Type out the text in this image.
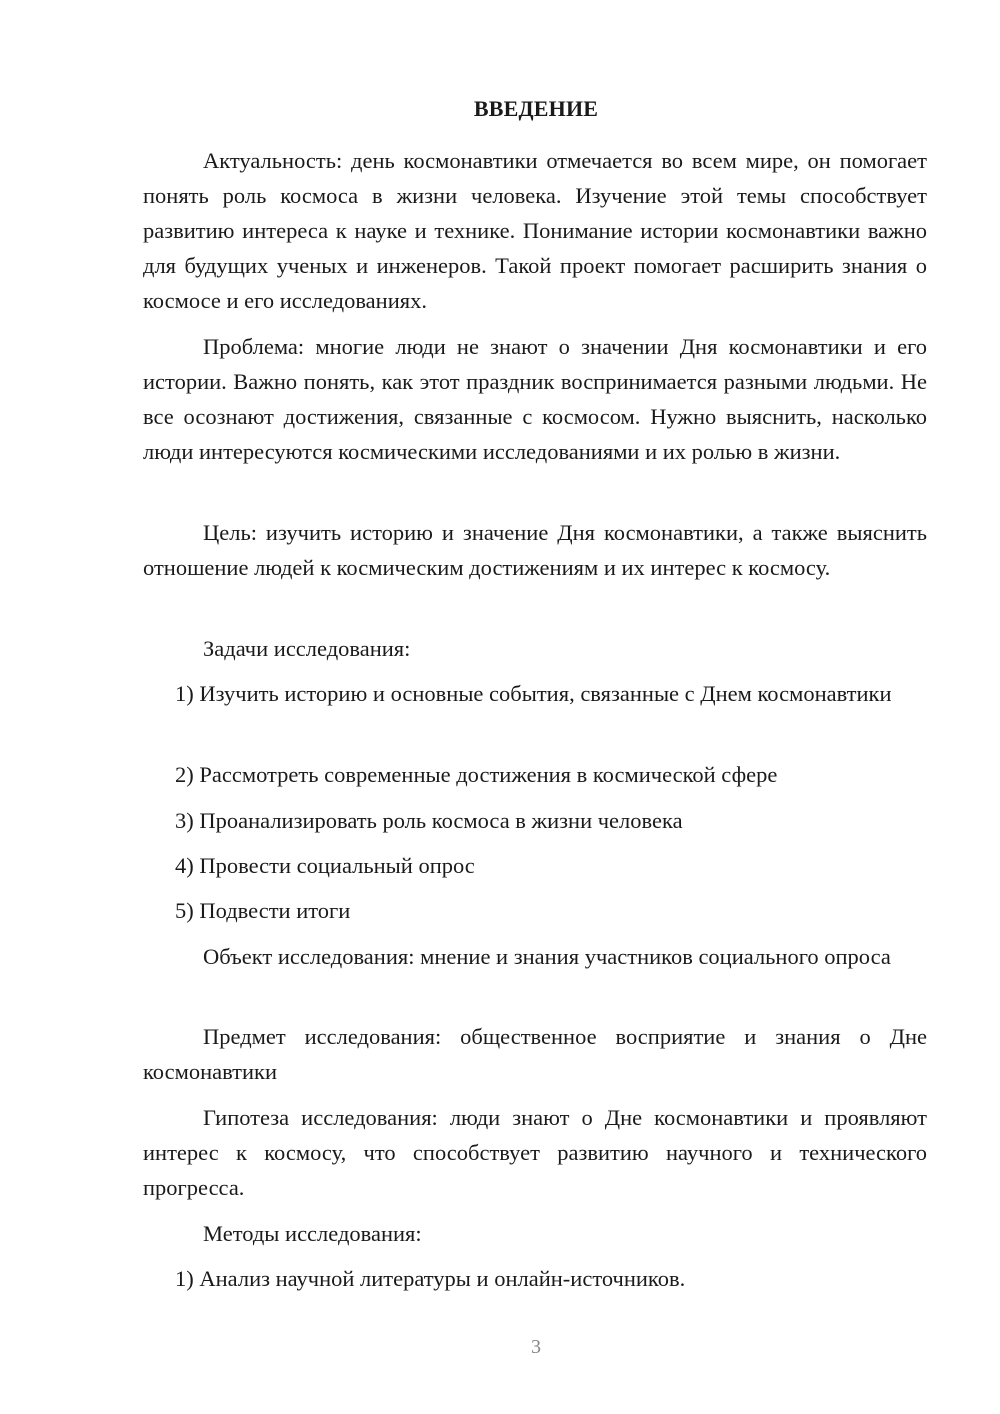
ВВЕДЕНИЕ

Актуальность: день космонавтики отмечается во всем мире, он помогает понять роль космоса в жизни человека. Изучение этой темы способствует развитию интереса к науке и технике. Понимание истории космонавтики важно для будущих ученых и инженеров. Такой проект помогает расширить знания о космосе и его исследованиях.

Проблема: многие люди не знают о значении Дня космонавтики и его истории. Важно понять, как этот праздник воспринимается разными людьми. Не все осознают достижения, связанные с космосом. Нужно выяснить, насколько люди интересуются космическими исследованиями и их ролью в жизни.

Цель: изучить историю и значение Дня космонавтики, а также выяснить отношение людей к космическим достижениям и их интерес к космосу.

Задачи исследования:

1) Изучить историю и основные события, связанные с Днем космонавтики

2) Рассмотреть современные достижения в космической сфере

3) Проанализировать роль космоса в жизни человека

4) Провести социальный опрос

5) Подвести итоги

Объект исследования: мнение и знания участников социального опроса

Предмет исследования: общественное восприятие и знания о Дне космонавтики

Гипотеза исследования: люди знают о Дне космонавтики и проявляют интерес к космосу, что способствует развитию научного и технического прогресса.

Методы исследования:

1) Анализ научной литературы и онлайн-источников.

3
